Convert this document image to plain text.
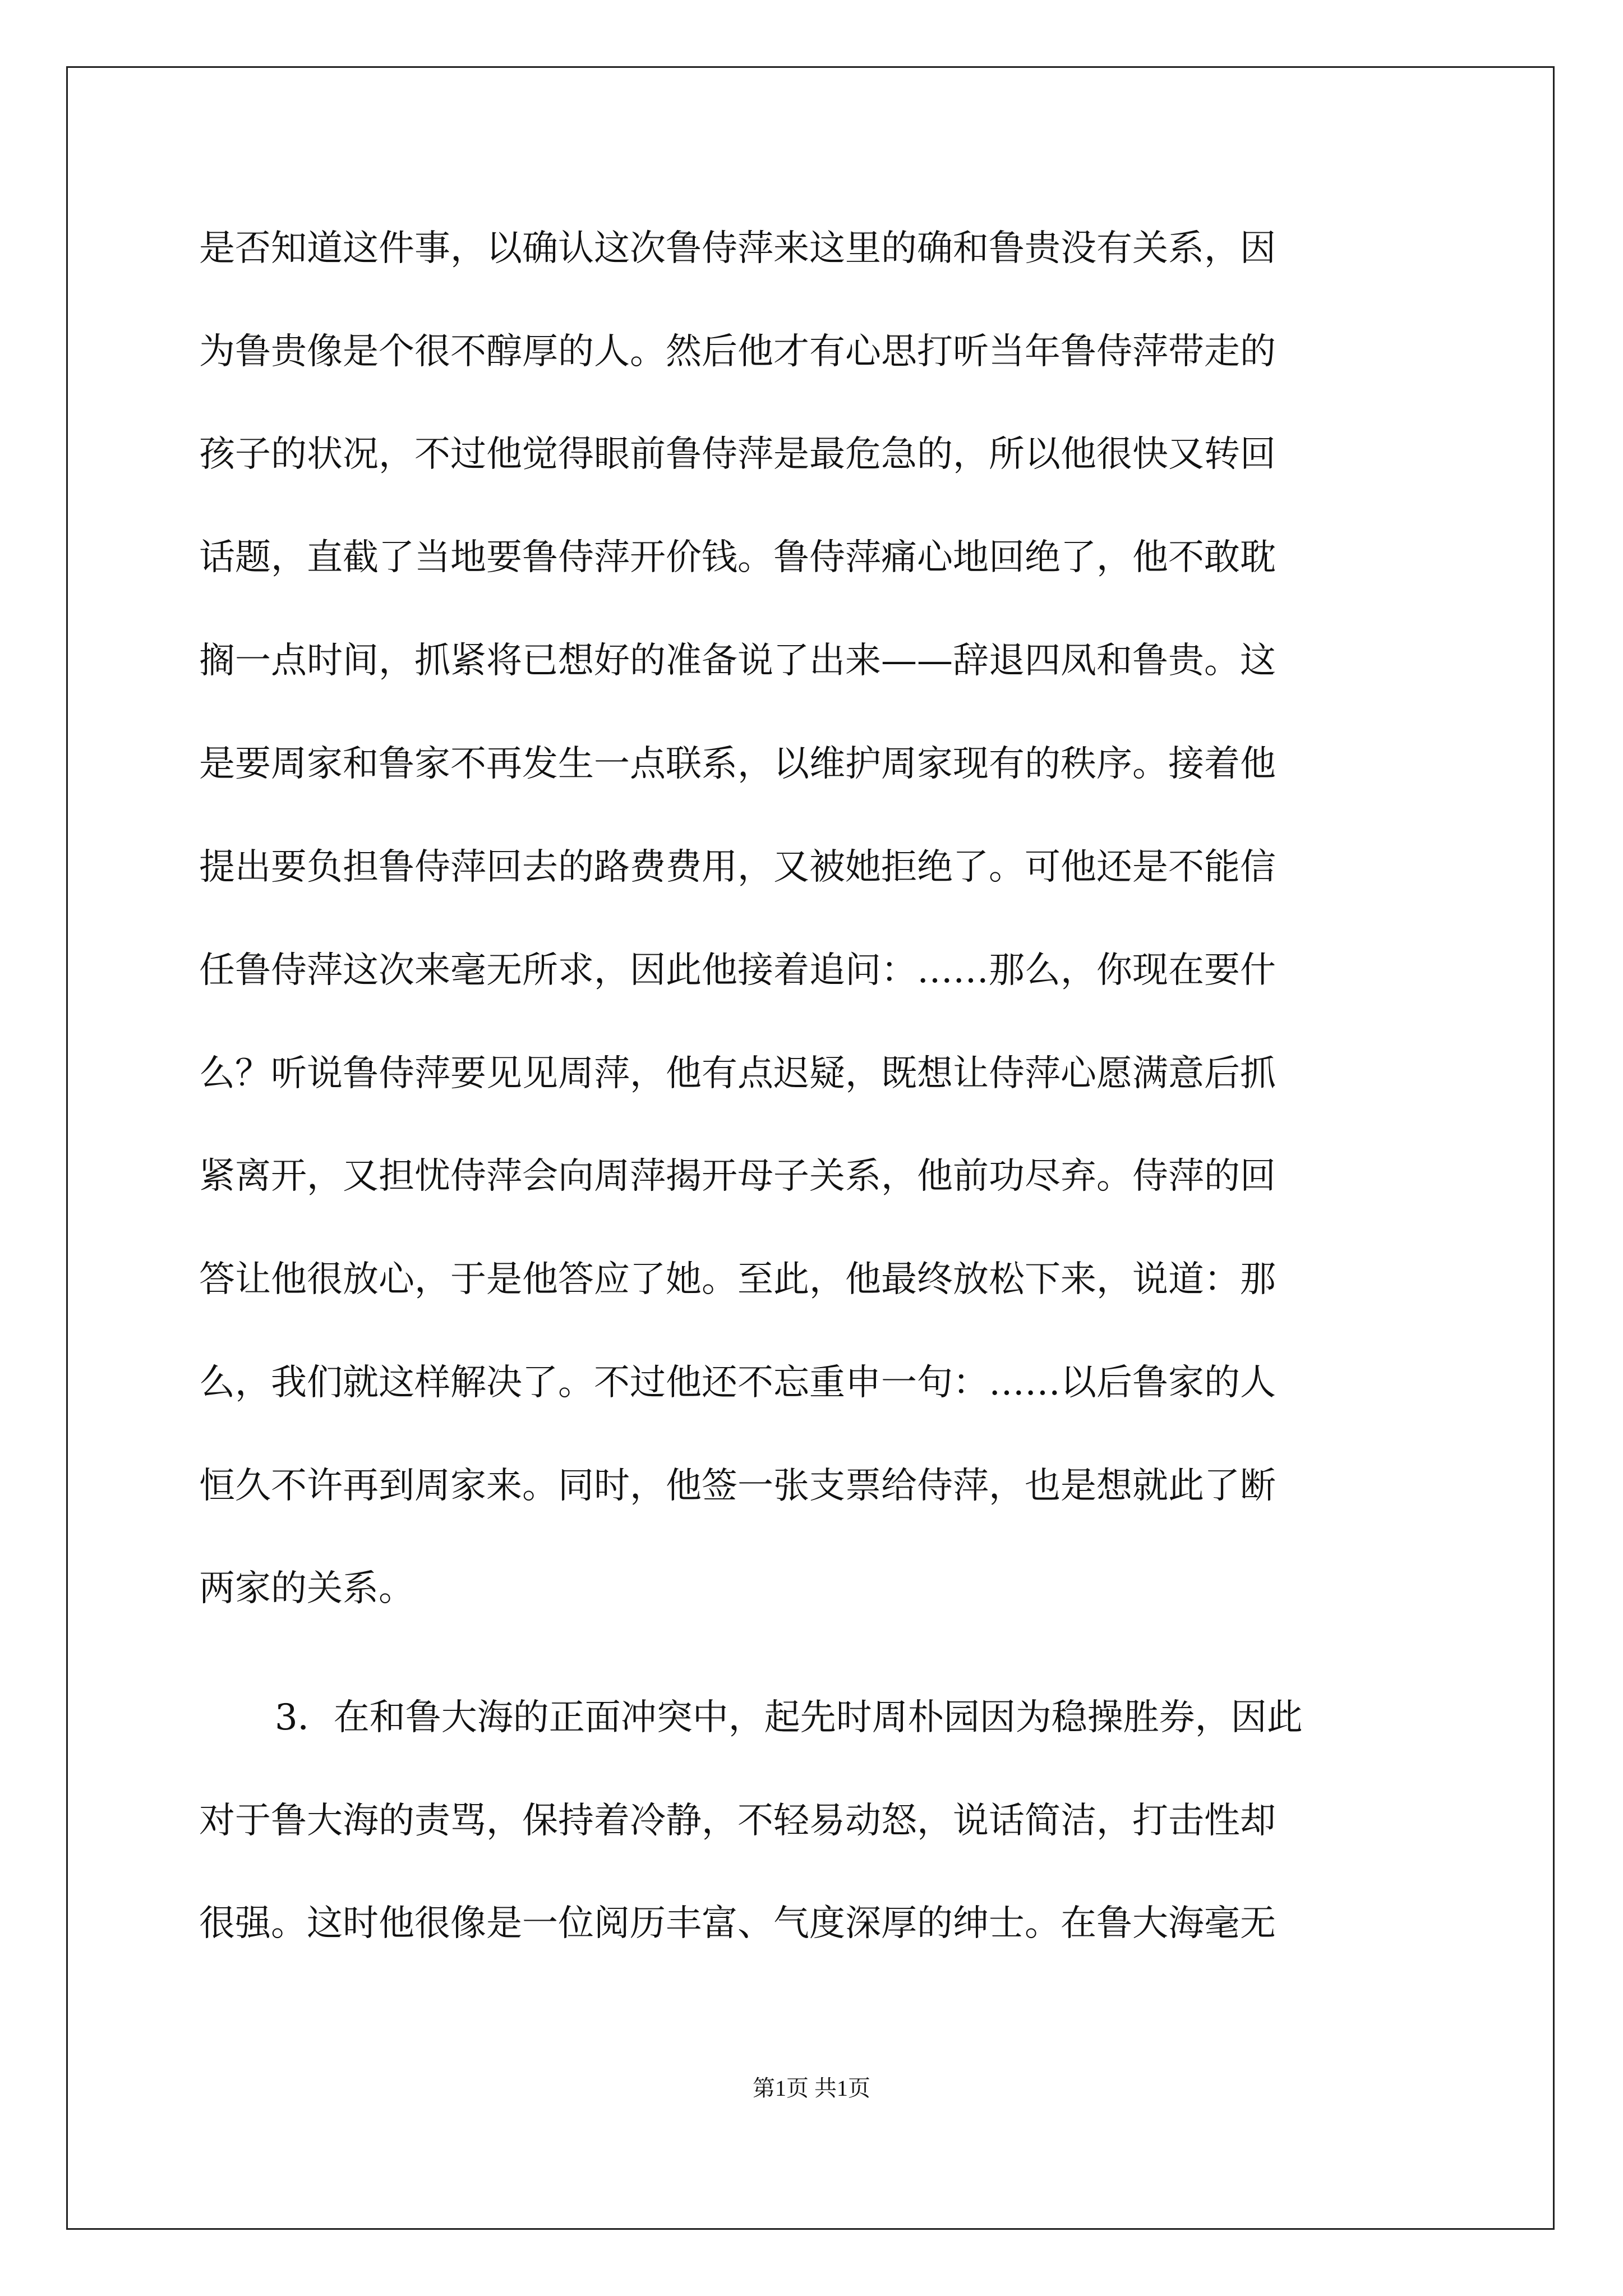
是否知道这件事，以确认这次鲁侍萍来这里的确和鲁贵没有关系，因
为鲁贵像是个很不醇厚的人。然后他才有心思打听当年鲁侍萍带走的
孩子的状况，不过他觉得眼前鲁侍萍是最危急的，所以他很快又转回
话题，直截了当地要鲁侍萍开价钱。鲁侍萍痛心地回绝了，他不敢耽
搁一点时间，抓紧将已想好的准备说了出来——辞退四凤和鲁贵。这
是要周家和鲁家不再发生一点联系，以维护周家现有的秩序。接着他
提出要负担鲁侍萍回去的路费费用，又被她拒绝了。可他还是不能信
任鲁侍萍这次来毫无所求，因此他接着追问：……那么，你现在要什
么？听说鲁侍萍要见见周萍，他有点迟疑，既想让侍萍心愿满意后抓
紧离开，又担忧侍萍会向周萍揭开母子关系，他前功尽弃。侍萍的回
答让他很放心，于是他答应了她。至此，他最终放松下来，说道：那
么，我们就这样解决了。不过他还不忘重申一句：……以后鲁家的人
恒久不许再到周家来。同时，他签一张支票给侍萍，也是想就此了断
两家的关系。
3．在和鲁大海的正面冲突中，起先时周朴园因为稳操胜券，因此
对于鲁大海的责骂，保持着冷静，不轻易动怒，说话简洁，打击性却
很强。这时他很像是一位阅历丰富、气度深厚的绅士。在鲁大海毫无
第1页 共1页
